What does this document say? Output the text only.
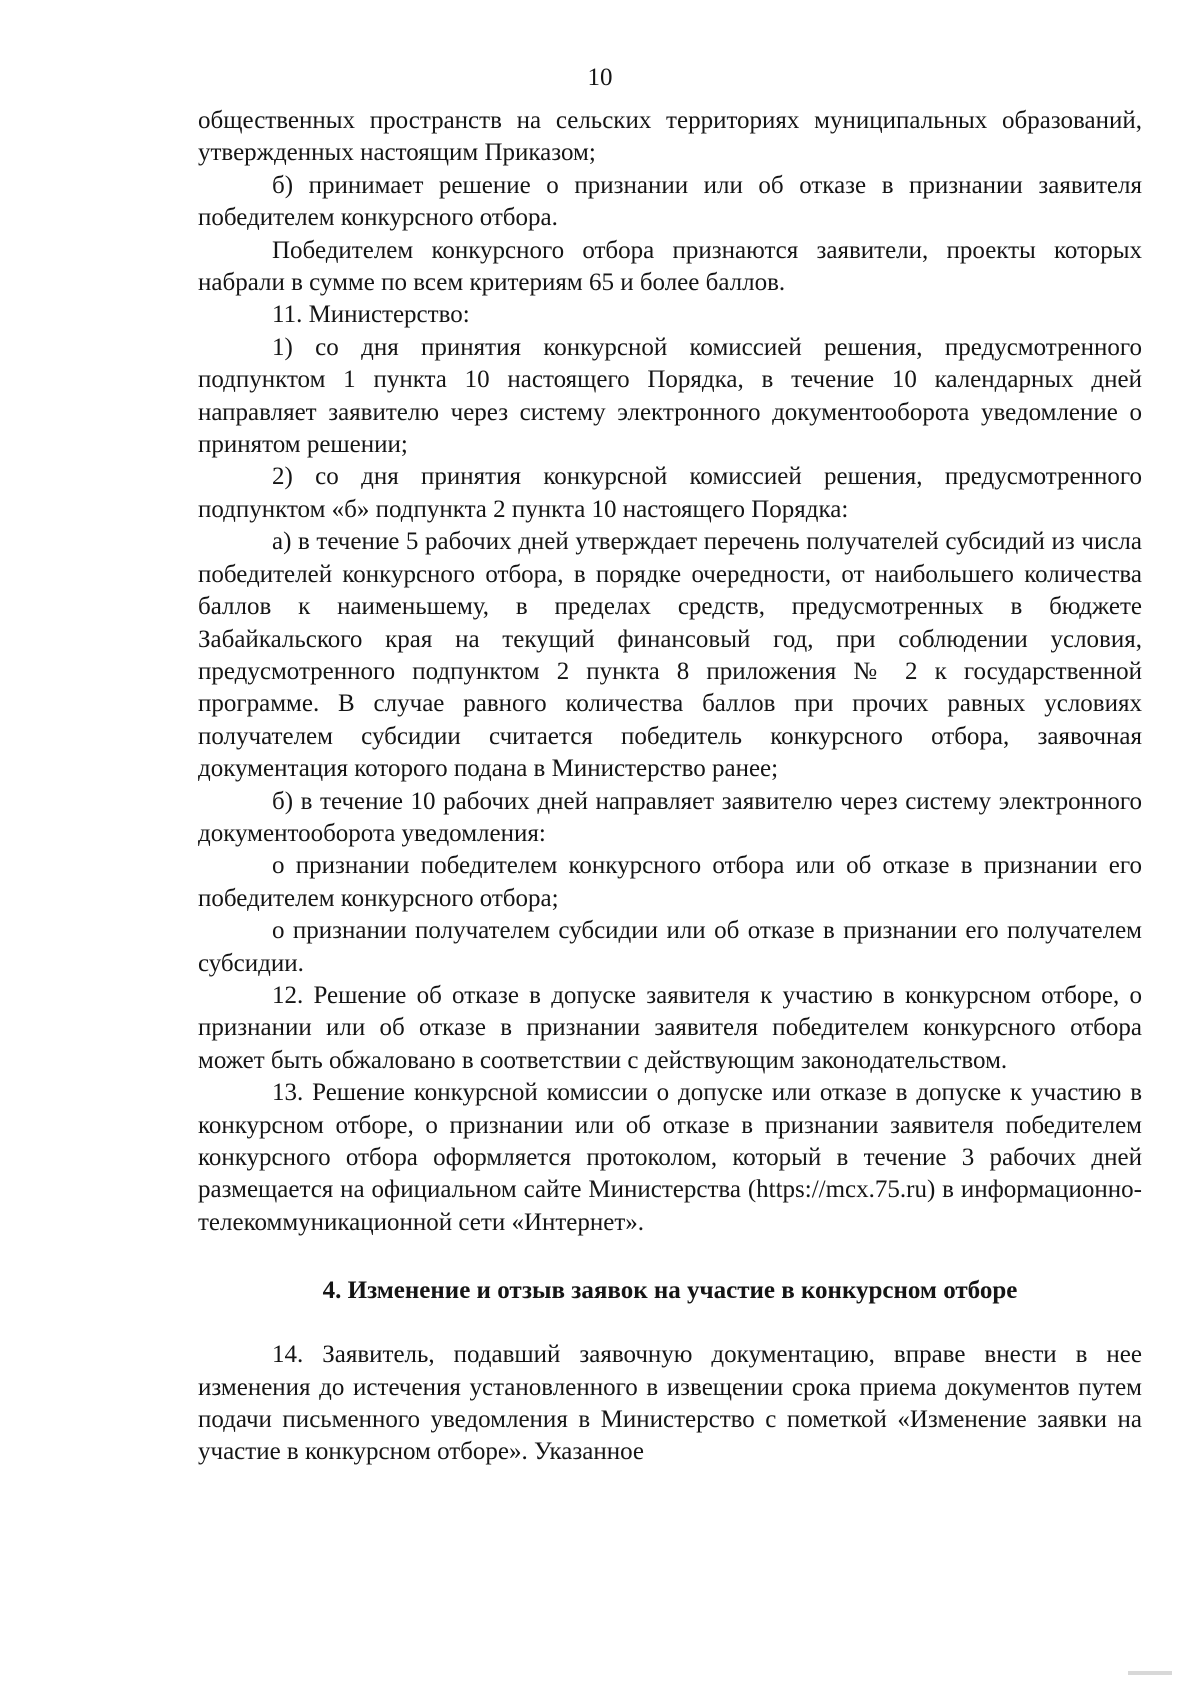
10

общественных пространств на сельских территориях муниципальных образований, утвержденных настоящим Приказом;

б) принимает решение о признании или об отказе в признании заявителя победителем конкурсного отбора.

Победителем конкурсного отбора признаются заявители, проекты которых набрали в сумме по всем критериям 65 и более баллов.

11. Министерство:

1) со дня принятия конкурсной комиссией решения, предусмотренного подпунктом 1 пункта 10 настоящего Порядка, в течение 10 календарных дней направляет заявителю через систему электронного документооборота уведомление о принятом решении;

2) со дня принятия конкурсной комиссией решения, предусмотренного подпунктом «б» подпункта 2 пункта 10 настоящего Порядка:

а) в течение 5 рабочих дней утверждает перечень получателей субсидий из числа победителей конкурсного отбора, в порядке очередности, от наибольшего количества баллов к наименьшему, в пределах средств, предусмотренных в бюджете Забайкальского края на текущий финансовый год, при соблюдении условия, предусмотренного подпунктом 2 пункта 8 приложения № 2 к государственной программе. В случае равного количества баллов при прочих равных условиях получателем субсидии считается победитель конкурсного отбора, заявочная документация которого подана в Министерство ранее;

б) в течение 10 рабочих дней направляет заявителю через систему электронного документооборота уведомления:

о признании победителем конкурсного отбора или об отказе в признании его победителем конкурсного отбора;

о признании получателем субсидии или об отказе в признании его получателем субсидии.

12. Решение об отказе в допуске заявителя к участию в конкурсном отборе, о признании или об отказе в признании заявителя победителем конкурсного отбора может быть обжаловано в соответствии с действующим законодательством.

13. Решение конкурсной комиссии о допуске или отказе в допуске к участию в конкурсном отборе, о признании или об отказе в признании заявителя победителем конкурсного отбора оформляется протоколом, который в течение 3 рабочих дней размещается на официальном сайте Министерства (https://mcx.75.ru) в информационно-телекоммуникационной сети «Интернет».

4. Изменение и отзыв заявок на участие в конкурсном отборе

14. Заявитель, подавший заявочную документацию, вправе внести в нее изменения до истечения установленного в извещении срока приема документов путем подачи письменного уведомления в Министерство с пометкой «Изменение заявки на участие в конкурсном отборе». Указанное
